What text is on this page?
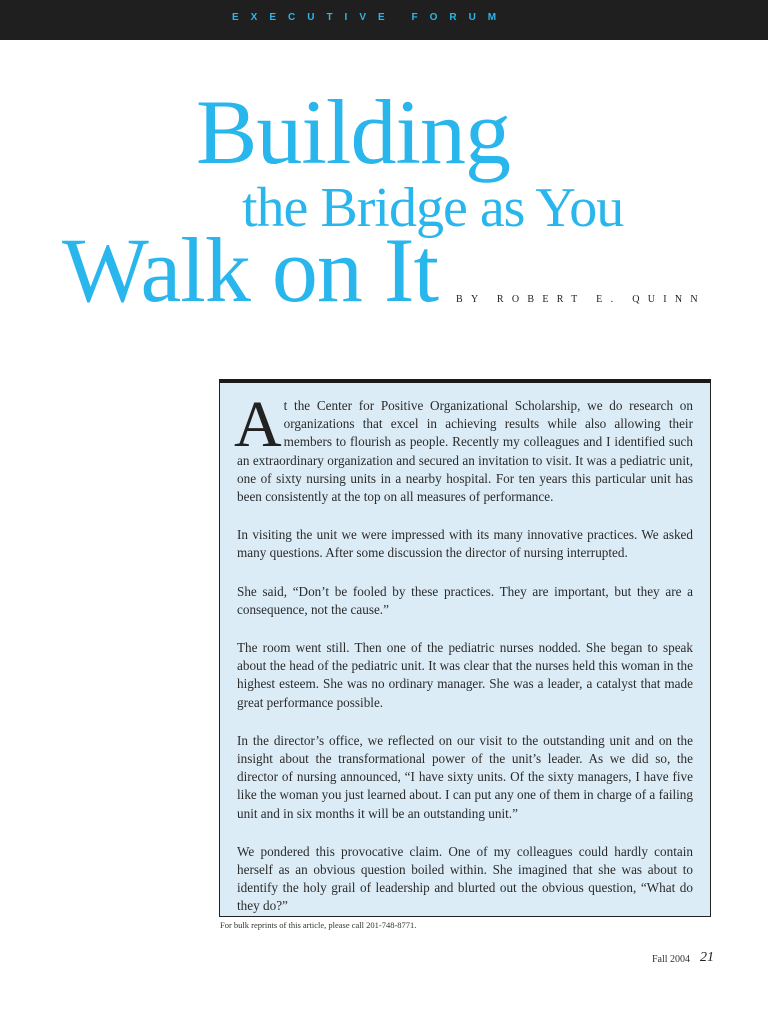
EXECUTIVE FORUM

Building
the Bridge as You
Walk on It BY ROBERT E. QUINN

At the Center for Positive Organizational Scholarship, we do research on organizations that excel in achieving results while also allowing their members to flourish as people. Recently my colleagues and I identified such an extraordinary organization and secured an invitation to visit. It was a pediatric unit, one of sixty nursing units in a nearby hospital. For ten years this particular unit has been consistently at the top on all measures of performance.

In visiting the unit we were impressed with its many innovative practices. We asked many questions. After some discussion the director of nursing interrupted.

She said, “Don’t be fooled by these practices. They are important, but they are a consequence, not the cause.”

The room went still. Then one of the pediatric nurses nodded. She began to speak about the head of the pediatric unit. It was clear that the nurses held this woman in the highest esteem. She was no ordinary manager. She was a leader, a catalyst that made great performance possible.

In the director’s office, we reflected on our visit to the outstanding unit and on the insight about the transformational power of the unit’s leader. As we did so, the director of nursing announced, “I have sixty units. Of the sixty managers, I have five like the woman you just learned about. I can put any one of them in charge of a failing unit and in six months it will be an outstanding unit.”

We pondered this provocative claim. One of my colleagues could hardly contain herself as an obvious question boiled within. She imagined that she was about to identify the holy grail of leadership and blurted out the obvious question, “What do they do?”

For bulk reprints of this article, please call 201-748-8771.

Fall 2004 21
